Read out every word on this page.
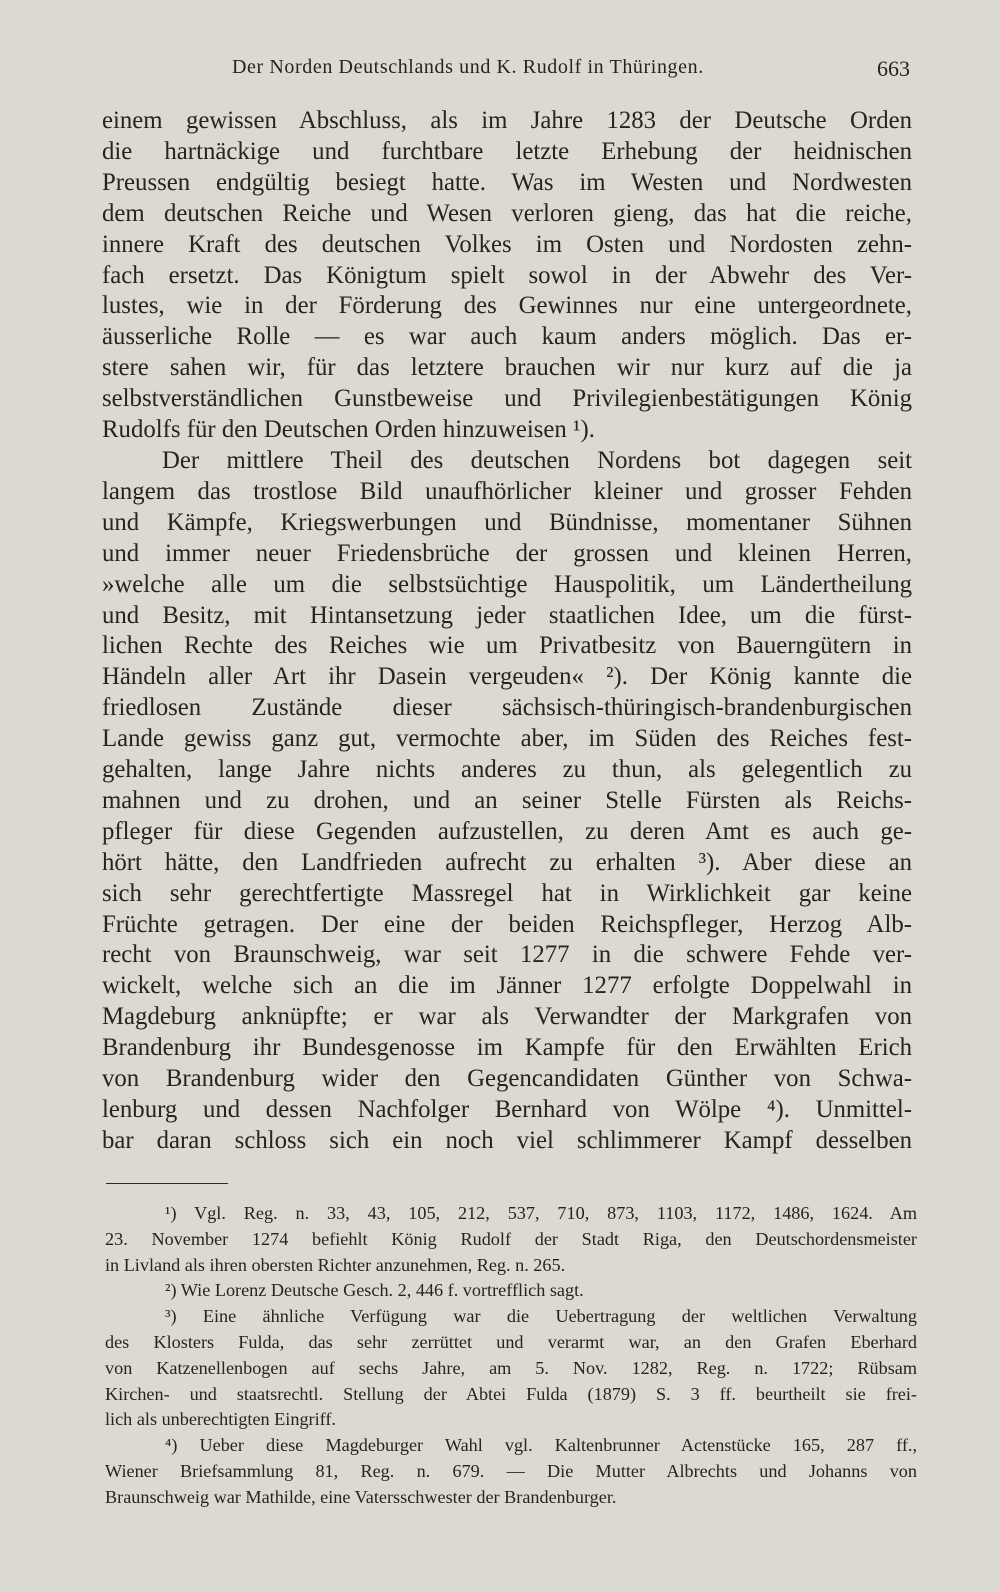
Der Norden Deutschlands und K. Rudolf in Thüringen.	663
einem gewissen Abschluss, als im Jahre 1283 der Deutsche Orden
die hartnäckige und furchtbare letzte Erhebung der heidnischen
Preussen endgültig besiegt hatte. Was im Westen und Nordwesten
dem deutschen Reiche und Wesen verloren gieng, das hat die reiche,
innere Kraft des deutschen Volkes im Osten und Nordosten zehn-
fach ersetzt. Das Königtum spielt sowol in der Abwehr des Ver-
lustes, wie in der Förderung des Gewinnes nur eine untergeordnete,
äusserliche Rolle — es war auch kaum anders möglich. Das er-
stere sahen wir, für das letztere brauchen wir nur kurz auf die ja
selbstverständlichen Gunstbeweise und Privilegienbestätigungen König
Rudolfs für den Deutschen Orden hinzuweisen ¹).
Der mittlere Theil des deutschen Nordens bot dagegen seit
langem das trostlose Bild unaufhörlicher kleiner und grosser Fehden
und Kämpfe, Kriegswerbungen und Bündnisse, momentaner Sühnen
und immer neuer Friedensbrüche der grossen und kleinen Herren,
»welche alle um die selbstsüchtige Hauspolitik, um Ländertheilung
und Besitz, mit Hintansetzung jeder staatlichen Idee, um die fürst-
lichen Rechte des Reiches wie um Privatbesitz von Bauerngütern in
Händeln aller Art ihr Dasein vergeuden« ²). Der König kannte die
friedlosen Zustände dieser sächsisch-thüringisch-brandenburgischen
Lande gewiss ganz gut, vermochte aber, im Süden des Reiches fest-
gehalten, lange Jahre nichts anderes zu thun, als gelegentlich zu
mahnen und zu drohen, und an seiner Stelle Fürsten als Reichs-
pfleger für diese Gegenden aufzustellen, zu deren Amt es auch ge-
hört hätte, den Landfrieden aufrecht zu erhalten ³). Aber diese an
sich sehr gerechtfertigte Massregel hat in Wirklichkeit gar keine
Früchte getragen. Der eine der beiden Reichspfleger, Herzog Alb-
recht von Braunschweig, war seit 1277 in die schwere Fehde ver-
wickelt, welche sich an die im Jänner 1277 erfolgte Doppelwahl in
Magdeburg anknüpfte; er war als Verwandter der Markgrafen von
Brandenburg ihr Bundesgenosse im Kampfe für den Erwählten Erich
von Brandenburg wider den Gegencandidaten Günther von Schwa-
lenburg und dessen Nachfolger Bernhard von Wölpe ⁴). Unmittel-
bar daran schloss sich ein noch viel schlimmerer Kampf desselben
¹) Vgl. Reg. n. 33, 43, 105, 212, 537, 710, 873, 1103, 1172, 1486, 1624. Am
23. November 1274 befiehlt König Rudolf der Stadt Riga, den Deutschordensmeister
in Livland als ihren obersten Richter anzunehmen, Reg. n. 265.
²) Wie Lorenz Deutsche Gesch. 2, 446 f. vortrefflich sagt.
³) Eine ähnliche Verfügung war die Uebertragung der weltlichen Verwaltung
des Klosters Fulda, das sehr zerrüttet und verarmt war, an den Grafen Eberhard
von Katzenellenbogen auf sechs Jahre, am 5. Nov. 1282, Reg. n. 1722; Rübsam
Kirchen- und staatsrechtl. Stellung der Abtei Fulda (1879) S. 3 ff. beurtheilt sie frei-
lich als unberechtigten Eingriff.
⁴) Ueber diese Magdeburger Wahl vgl. Kaltenbrunner Actenstücke 165, 287 ff.,
Wiener Briefsammlung 81, Reg. n. 679. — Die Mutter Albrechts und Johanns von
Braunschweig war Mathilde, eine Vatersschwester der Brandenburger.
